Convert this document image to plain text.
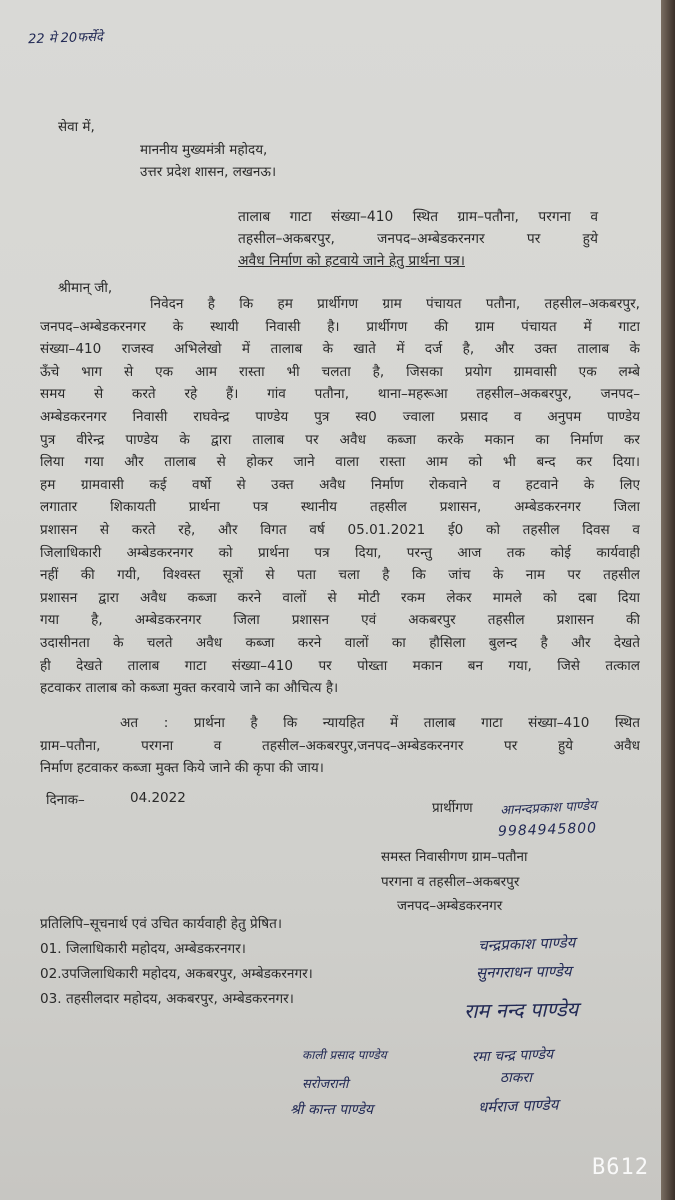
22 मे 20फर्सेदे
सेवा में,
माननीय मुख्यमंत्री महोदय,
उत्तर प्रदेश शासन, लखनऊ।
तालाब गाटा संख्या–410 स्थित ग्राम–पतौना, परगना व
तहसील–अकबरपुर, जनपद–अम्बेडकरनगर पर हुये
अवैध निर्माण को हटवाये जाने हेतु प्रार्थना पत्र।
श्रीमान् जी,
निवेदन है कि हम प्रार्थीगण ग्राम पंचायत पतौना, तहसील–अकबरपुर,
जनपद–अम्बेडकरनगर के स्थायी निवासी है। प्रार्थीगण की ग्राम पंचायत में गाटा
संख्या–410 राजस्व अभिलेखो में तालाब के खाते में दर्ज है, और उक्त तालाब के
ऊँचे भाग से एक आम रास्ता भी चलता है, जिसका प्रयोग ग्रामवासी एक लम्बे
समय से करते रहे हैं। गांव पतौना, थाना–महरूआ तहसील–अकबरपुर, जनपद–
अम्बेडकरनगर निवासी राघवेन्द्र पाण्डेय पुत्र स्व0 ज्वाला प्रसाद व अनुपम पाण्डेय
पुत्र वीरेन्द्र पाण्डेय के द्वारा तालाब पर अवैध कब्जा करके मकान का निर्माण कर
लिया गया और तालाब से होकर जाने वाला रास्ता आम को भी बन्द कर दिया।
हम ग्रामवासी कई वर्षो से उक्त अवैध निर्माण रोकवाने व हटवाने के लिए
लगातार शिकायती प्रार्थना पत्र स्थानीय तहसील प्रशासन, अम्बेडकरनगर जिला
प्रशासन से करते रहे, और विगत वर्ष 05.01.2021 ई0 को तहसील दिवस व
जिलाधिकारी अम्बेडकरनगर को प्रार्थना पत्र दिया, परन्तु आज तक कोई कार्यवाही
नहीं की गयी, विश्वस्त सूत्रों से पता चला है कि जांच के नाम पर तहसील
प्रशासन द्वारा अवैध कब्जा करने वालों से मोटी रकम लेकर मामले को दबा दिया
गया है, अम्बेडकरनगर जिला प्रशासन एवं अकबरपुर तहसील प्रशासन की
उदासीनता के चलते अवैध कब्जा करने वालों का हौसिला बुलन्द है और देखते
ही देखते तालाब गाटा संख्या–410 पर पोख्ता मकान बन गया, जिसे तत्काल
हटवाकर तालाब को कब्जा मुक्त करवाये जाने का औचित्य है।
अत : प्रार्थना है कि न्यायहित में तालाब गाटा संख्या–410 स्थित
ग्राम–पतौना, परगना व तहसील–अकबरपुर,जनपद–अम्बेडकरनगर पर हुये अवैध
निर्माण हटवाकर कब्जा मुक्त किये जाने की कृपा की जाय।
दिनाक–	04.2022
प्रार्थीगण आनन्दप्रकाश पाण्डेय
9984945800
समस्त निवासीगण ग्राम–पतौना
परगना व तहसील–अकबरपुर
जनपद–अम्बेडकरनगर
प्रतिलिपि–सूचनार्थ एवं उचित कार्यवाही हेतु प्रेषित।
01. जिलाधिकारी महोदय, अम्बेडकरनगर।
02.उपजिलाधिकारी महोदय, अकबरपुर, अम्बेडकरनगर।
03. तहसीलदार महोदय, अकबरपुर, अम्बेडकरनगर।
चन्द्रप्रकाश पाण्डेय
सुनगराधन पाण्डेय
राम नन्द पाण्डेय
रमा चन्द्र पाण्डेय
ठाकरा
धर्मराज पाण्डेय
काली प्रसाद पाण्डेय
सरोजरानी
श्री कान्त पाण्डेय
B612
